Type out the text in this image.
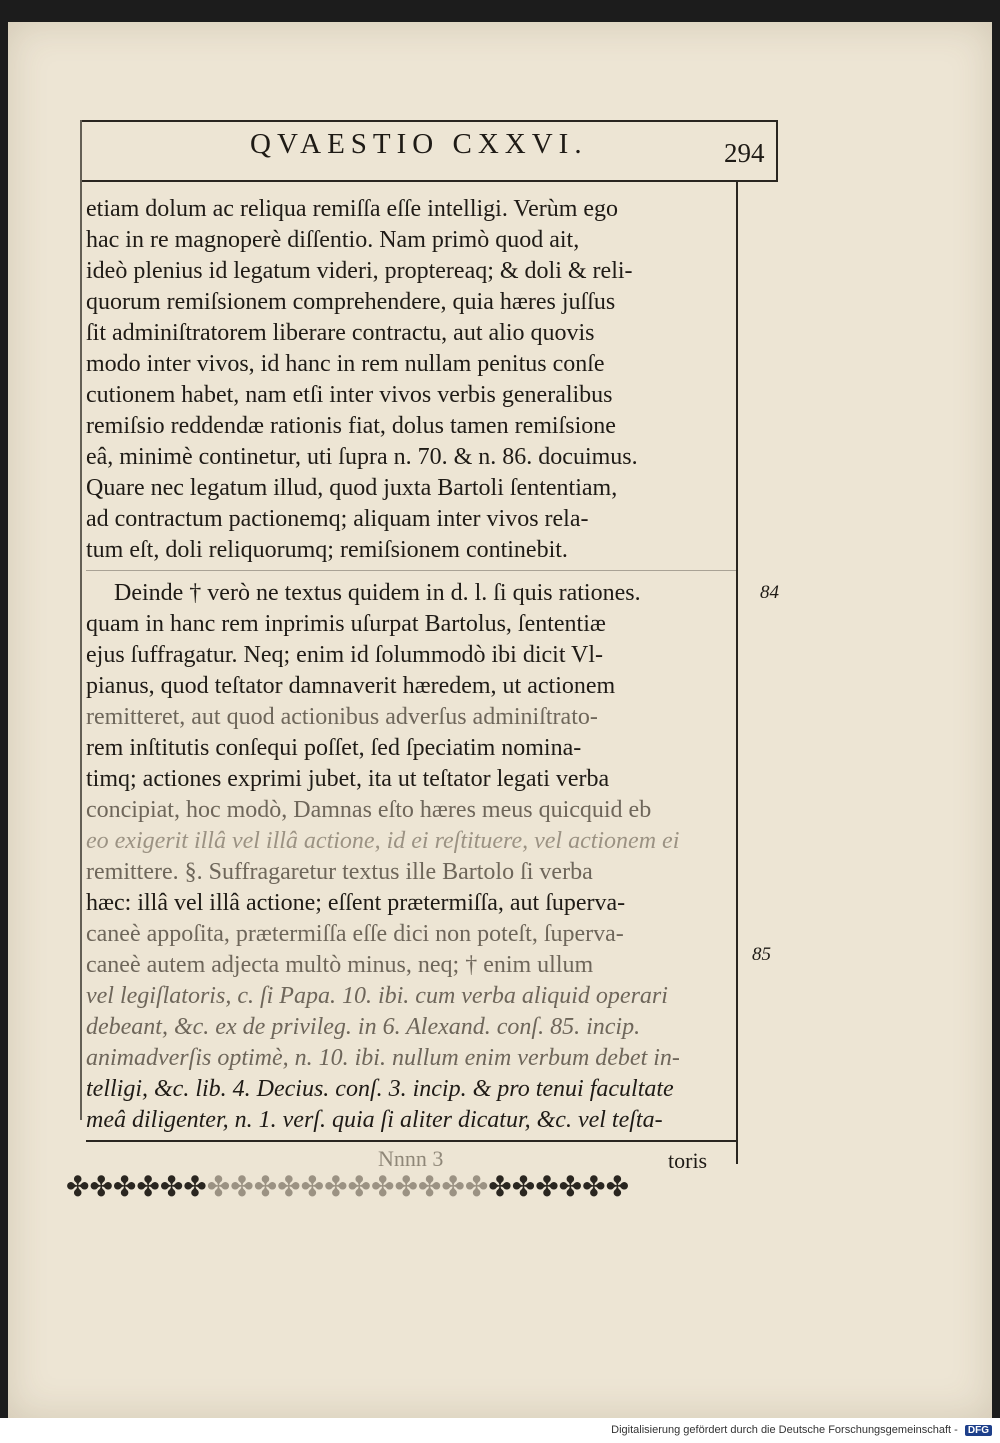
QVAESTIO CXXVI.	294
etiam dolum ac reliqua remiſſa eſſe intelligi. Verùm ego
hac in re magnoperè diſſentio. Nam primò quod ait,
ideò plenius id legatum videri, proptereaq; & doli & reli-
quorum remiſsionem comprehendere, quia hæres juſſus
ſit adminiſtratorem liberare contractu, aut alio quovis
modo inter vivos, id hanc in rem nullam penitus conſe
cutionem habet, nam etſi inter vivos verbis generalibus
remiſsio reddendæ rationis fiat, dolus tamen remiſsione
eâ, minimè continetur, uti ſupra n. 70. & n. 86. docuimus.
Quare nec legatum illud, quod juxta Bartoli ſententiam,
ad contractum pactionemq; aliquam inter vivos rela-
tum eſt, doli reliquorumq; remiſsionem continebit.
Deinde † verò ne textus quidem in d. l. ſi quis rationes.
quam in hanc rem inprimis uſurpat Bartolus, ſententiæ
ejus ſuffragatur. Neq; enim id ſolummodò ibi dicit Vl-
pianus, quod teſtator damnaverit hæredem, ut actionem
remitteret, aut quod actionibus adverſus adminiſtrato-
rem inſtitutis conſequi poſſet, ſed ſpeciatim nomina-
timq; actiones exprimi jubet, ita ut teſtator legati verba
concipiat, hoc modò, Damnas eſto hæres meus quicquid eb
eo exigerit illâ vel illâ actione, id ei reſtituere, vel actionem ei
remittere. §. Suffragaretur textus ille Bartolo ſi verba
hæc: illâ vel illâ actione; eſſent prætermiſſa, aut ſuperva-
caneè appoſita, prætermiſſa eſſe dici non poteſt, ſuperva-
caneè autem adjecta multò minus, neq; † enim ullum
vel legiſlatoris, c. ſi Papa. 10. ibi. cum verba aliquid operari
debeant, &c. ex de privileg. in 6. Alexand. conſ. 85. incip.
animadverſis optimè, n. 10. ibi. nullum enim verbum debet in-
telligi, &c. lib. 4. Decius. conſ. 3. incip. & pro tenui facultate
meâ diligenter, n. 1. verſ. quia ſi aliter dicatur, &c. vel teſta-
84
85
Nnnn 3	toris
✤✤✤✤✤✤✤✤✤✤✤✤✤✤✤✤✤✤✤✤✤✤✤✤
Digitalisierung gefördert durch die Deutsche Forschungsgemeinschaft - DFG
